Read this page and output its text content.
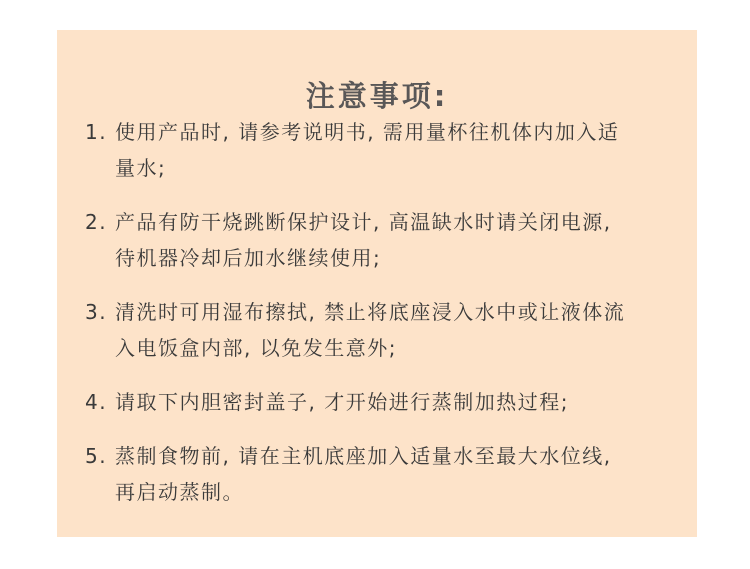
注意事项:
1. 使用产品时, 请参考说明书, 需用量杯往机体内加入适
量水;
2. 产品有防干烧跳断保护设计, 高温缺水时请关闭电源,
待机器冷却后加水继续使用;
3. 清洗时可用湿布擦拭, 禁止将底座浸入水中或让液体流
入电饭盒内部, 以免发生意外;
4. 请取下内胆密封盖子, 才开始进行蒸制加热过程;
5. 蒸制食物前, 请在主机底座加入适量水至最大水位线,
再启动蒸制。
